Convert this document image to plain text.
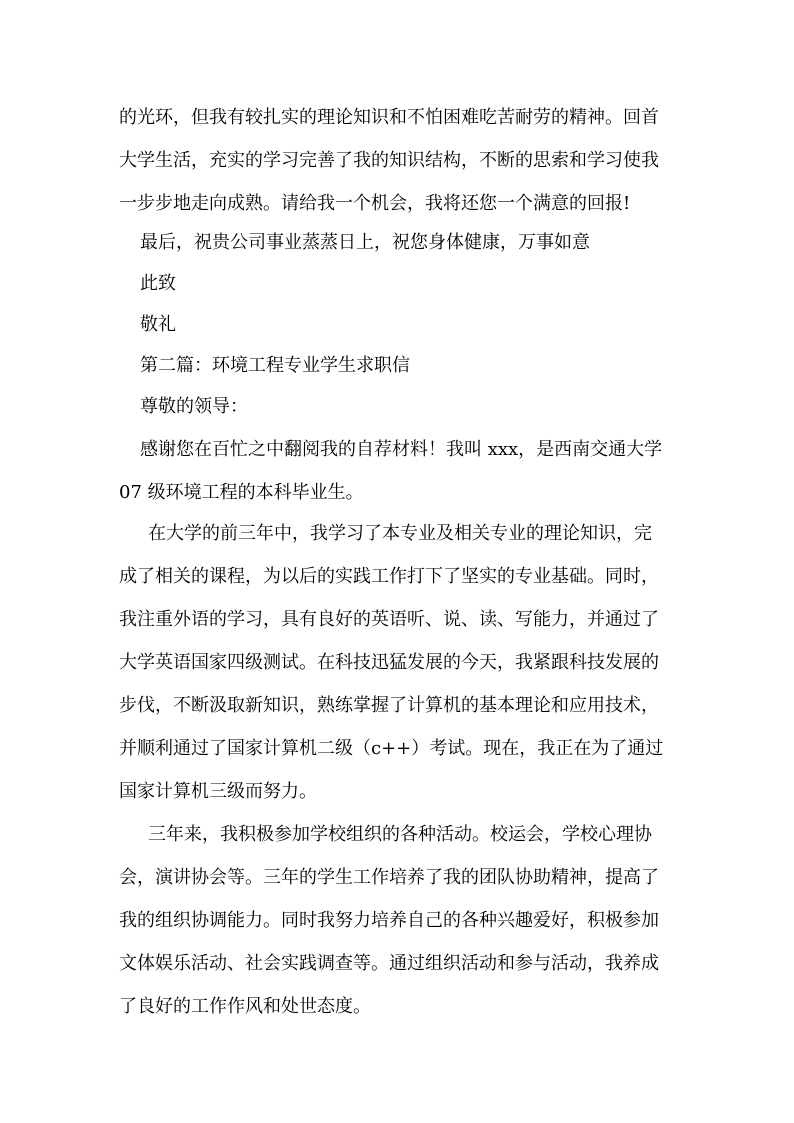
的光环，但我有较扎实的理论知识和不怕困难吃苦耐劳的精神。回首
大学生活，充实的学习完善了我的知识结构，不断的思索和学习使我
一步步地走向成熟。请给我一个机会，我将还您一个满意的回报!
最后，祝贵公司事业蒸蒸日上，祝您身体健康，万事如意
此致
敬礼
第二篇：环境工程专业学生求职信
尊敬的领导：
感谢您在百忙之中翻阅我的自荐材料！我叫 xxx，是西南交通大学
07 级环境工程的本科毕业生。
在大学的前三年中，我学习了本专业及相关专业的理论知识，完
成了相关的课程，为以后的实践工作打下了坚实的专业基础。同时，
我注重外语的学习，具有良好的英语听、说、读、写能力，并通过了
大学英语国家四级测试。在科技迅猛发展的今天，我紧跟科技发展的
步伐，不断汲取新知识，熟练掌握了计算机的基本理论和应用技术，
并顺利通过了国家计算机二级（c++）考试。现在，我正在为了通过
国家计算机三级而努力。
三年来，我积极参加学校组织的各种活动。校运会，学校心理协
会，演讲协会等。三年的学生工作培养了我的团队协助精神，提高了
我的组织协调能力。同时我努力培养自己的各种兴趣爱好，积极参加
文体娱乐活动、社会实践调查等。通过组织活动和参与活动，我养成
了良好的工作作风和处世态度。
